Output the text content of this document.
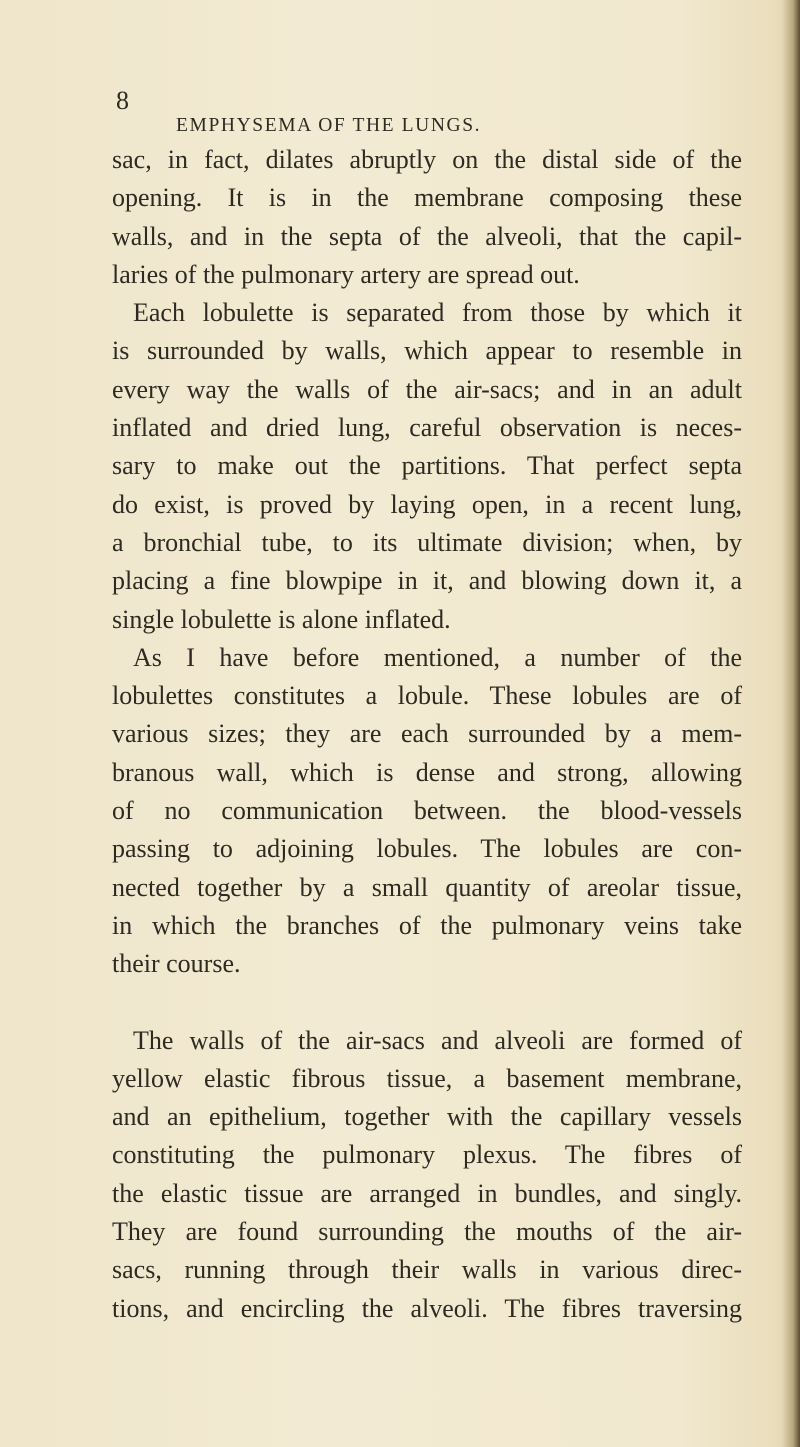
8
EMPHYSEMA OF THE LUNGS.
sac, in fact, dilates abruptly on the distal side of the
opening. It is in the membrane composing these
walls, and in the septa of the alveoli, that the capil-
laries of the pulmonary artery are spread out.
Each lobulette is separated from those by which it
is surrounded by walls, which appear to resemble in
every way the walls of the air-sacs; and in an adult
inflated and dried lung, careful observation is neces-
sary to make out the partitions. That perfect septa
do exist, is proved by laying open, in a recent lung,
a bronchial tube, to its ultimate division; when, by
placing a fine blowpipe in it, and blowing down it, a
single lobulette is alone inflated.
As I have before mentioned, a number of the
lobulettes constitutes a lobule. These lobules are of
various sizes; they are each surrounded by a mem-
branous wall, which is dense and strong, allowing
of no communication between. the blood-vessels
passing to adjoining lobules. The lobules are con-
nected together by a small quantity of areolar tissue,
in which the branches of the pulmonary veins take
their course.
The walls of the air-sacs and alveoli are formed of
yellow elastic fibrous tissue, a basement membrane,
and an epithelium, together with the capillary vessels
constituting the pulmonary plexus. The fibres of
the elastic tissue are arranged in bundles, and singly.
They are found surrounding the mouths of the air-
sacs, running through their walls in various direc-
tions, and encircling the alveoli. The fibres traversing
